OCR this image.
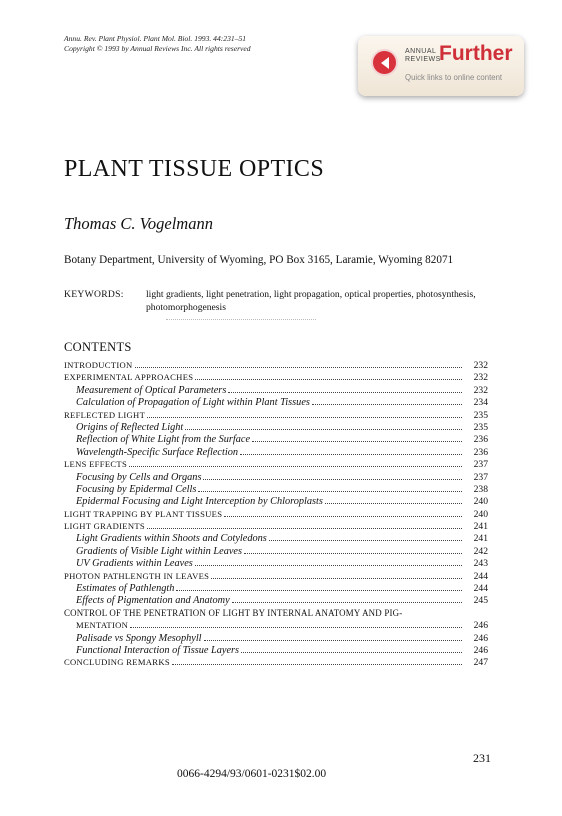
Annu. Rev. Plant Physiol. Plant Mol. Biol. 1993. 44:231–51
Copyright © 1993 by Annual Reviews Inc. All rights reserved	ANNUAL
REVIEWS
Further
Quick links to online content
PLANT TISSUE OPTICS
Thomas C. Vogelmann
Botany Department, University of Wyoming, PO Box 3165, Laramie, Wyoming 82071
KEYWORDS: light gradients, light penetration, light propagation, optical properties, photosynthesis, photomorphogenesis
CONTENTS
INTRODUCTION	232
EXPERIMENTAL APPROACHES	232
Measurement of Optical Parameters	232
Calculation of Propagation of Light within Plant Tissues	234
REFLECTED LIGHT	235
Origins of Reflected Light	235
Reflection of White Light from the Surface	236
Wavelength-Specific Surface Reflection	236
LENS EFFECTS	237
Focusing by Cells and Organs	237
Focusing by Epidermal Cells	238
Epidermal Focusing and Light Interception by Chloroplasts	240
LIGHT TRAPPING BY PLANT TISSUES	240
LIGHT GRADIENTS	241
Light Gradients within Shoots and Cotyledons	241
Gradients of Visible Light within Leaves	242
UV Gradients within Leaves	243
PHOTON PATHLENGTH IN LEAVES	244
Estimates of Pathlength	244
Effects of Pigmentation and Anatomy	245
CONTROL OF THE PENETRATION OF LIGHT BY INTERNAL ANATOMY AND PIG-
MENTATION	246
Palisade vs Spongy Mesophyll	246
Functional Interaction of Tissue Layers	246
CONCLUDING REMARKS	247
231
0066-4294/93/0601-0231$02.00
